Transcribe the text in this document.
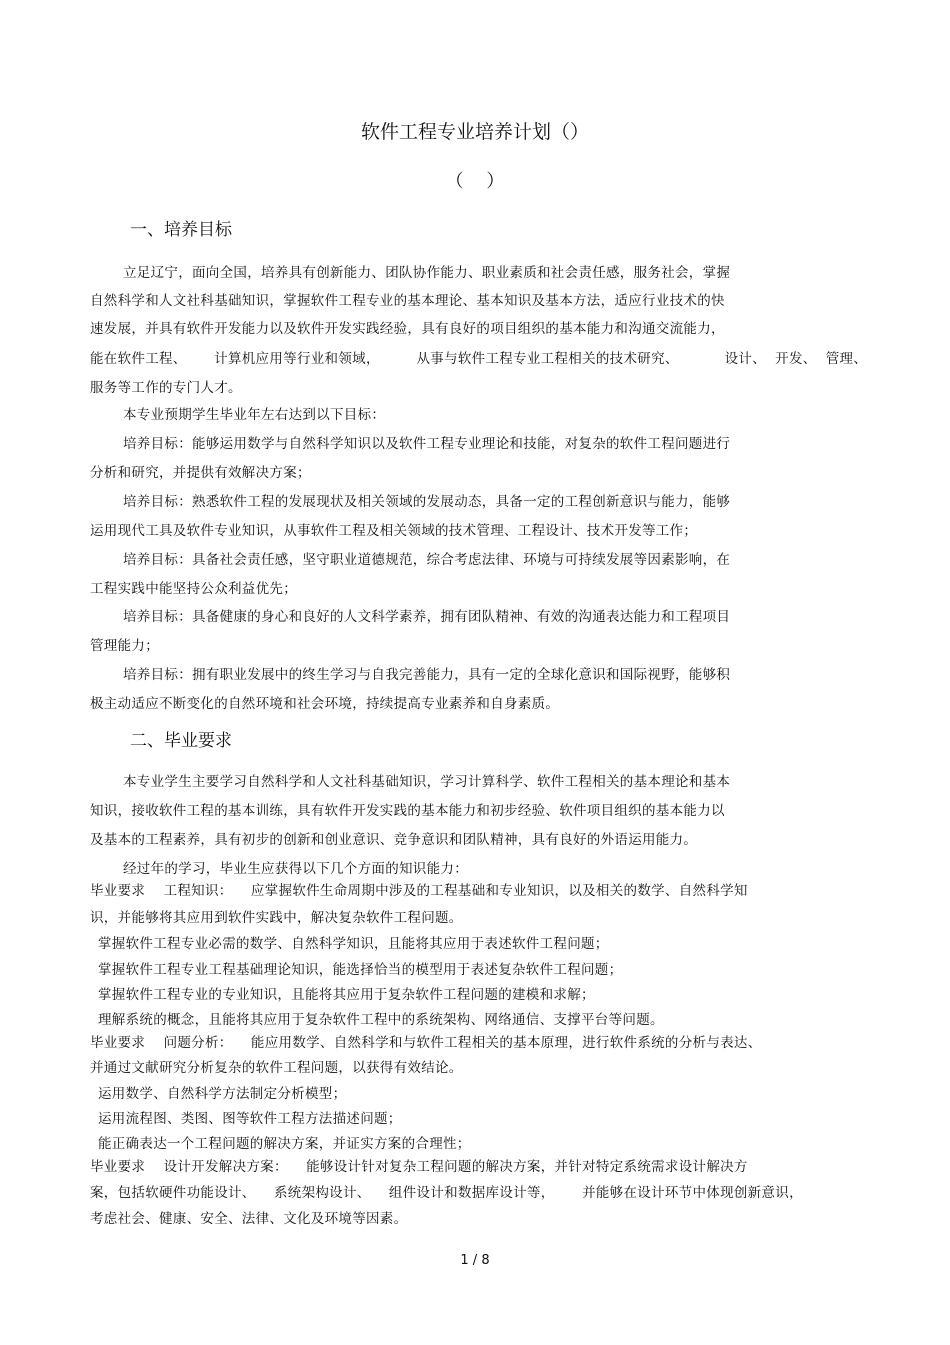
软件工程专业培养计划（）
（    ）
一、培养目标
立足辽宁，面向全国，培养具有创新能力、团队协作能力、职业素质和社会责任感，服务社会，掌握
自然科学和人文社科基础知识，掌握软件工程专业的基本理论、基本知识及基本方法，适应行业技术的快
速发展，并具有软件开发能力以及软件开发实践经验，具有良好的项目组织的基本能力和沟通交流能力，
能在软件工程、      计算机应用等行业和领域，        从事与软件工程专业工程相关的技术研究、          设计、  开发、  管理、
服务等工作的专门人才。
本专业预期学生毕业年左右达到以下目标：
培养目标：能够运用数学与自然科学知识以及软件工程专业理论和技能，对复杂的软件工程问题进行
分析和研究，并提供有效解决方案；
培养目标：熟悉软件工程的发展现状及相关领域的发展动态，具备一定的工程创新意识与能力，能够
运用现代工具及软件专业知识，从事软件工程及相关领域的技术管理、工程设计、技术开发等工作；
培养目标：具备社会责任感，坚守职业道德规范，综合考虑法律、环境与可持续发展等因素影响，在
工程实践中能坚持公众利益优先；
培养目标：具备健康的身心和良好的人文科学素养，拥有团队精神、有效的沟通表达能力和工程项目
管理能力；
培养目标：拥有职业发展中的终生学习与自我完善能力，具有一定的全球化意识和国际视野，能够积
极主动适应不断变化的自然环境和社会环境，持续提高专业素养和自身素质。
二、毕业要求
本专业学生主要学习自然科学和人文社科基础知识，学习计算科学、软件工程相关的基本理论和基本
知识，接收软件工程的基本训练，具有软件开发实践的基本能力和初步经验、软件项目组织的基本能力以
及基本的工程素养，具有初步的创新和创业意识、竞争意识和团队精神，具有良好的外语运用能力。
经过年的学习，毕业生应获得以下几个方面的知识能力：
毕业要求    工程知识：    应掌握软件生命周期中涉及的工程基础和专业知识，以及相关的数学、自然科学知
识，并能够将其应用到软件实践中，解决复杂软件工程问题。
掌握软件工程专业必需的数学、自然科学知识，且能将其应用于表述软件工程问题；
掌握软件工程专业工程基础理论知识，能选择恰当的模型用于表述复杂软件工程问题；
掌握软件工程专业的专业知识，且能将其应用于复杂软件工程问题的建模和求解；
理解系统的概念，且能将其应用于复杂软件工程中的系统架构、网络通信、支撑平台等问题。
毕业要求    问题分析：    能应用数学、自然科学和与软件工程相关的基本原理，进行软件系统的分析与表达、
并通过文献研究分析复杂的软件工程问题，以获得有效结论。
运用数学、自然科学方法制定分析模型；
运用流程图、类图、图等软件工程方法描述问题；
能正确表达一个工程问题的解决方案，并证实方案的合理性；
毕业要求    设计开发解决方案：    能够设计针对复杂工程问题的解决方案，并针对特定系统需求设计解决方
案，包括软硬件功能设计、    系统架构设计、    组件设计和数据库设计等，      并能够在设计环节中体现创新意识，
考虑社会、健康、安全、法律、文化及环境等因素。
1 / 8
